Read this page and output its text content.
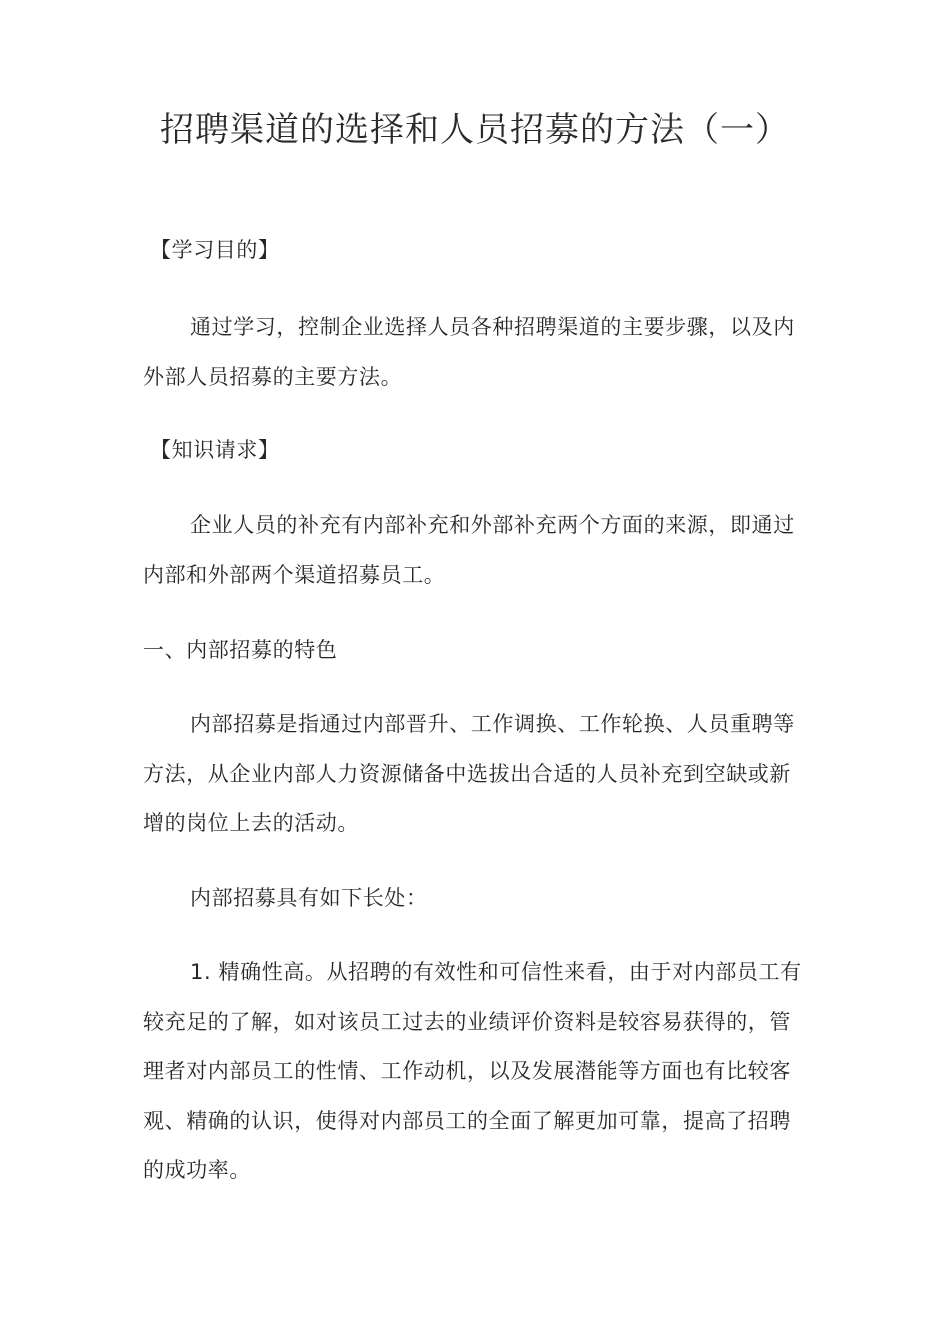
招聘渠道的选择和人员招募的方法（一）
【学习目的】
通过学习，控制企业选择人员各种招聘渠道的主要步骤，以及内外部人员招募的主要方法。
【知识请求】
企业人员的补充有内部补充和外部补充两个方面的来源，即通过内部和外部两个渠道招募员工。
一、内部招募的特色
内部招募是指通过内部晋升、工作调换、工作轮换、人员重聘等方法，从企业内部人力资源储备中选拔出合适的人员补充到空缺或新增的岗位上去的活动。
内部招募具有如下长处：
1. 精确性高。从招聘的有效性和可信性来看，由于对内部员工有较充足的了解，如对该员工过去的业绩评价资料是较容易获得的，管理者对内部员工的性情、工作动机，以及发展潜能等方面也有比较客观、精确的认识，使得对内部员工的全面了解更加可靠，提高了招聘的成功率。
